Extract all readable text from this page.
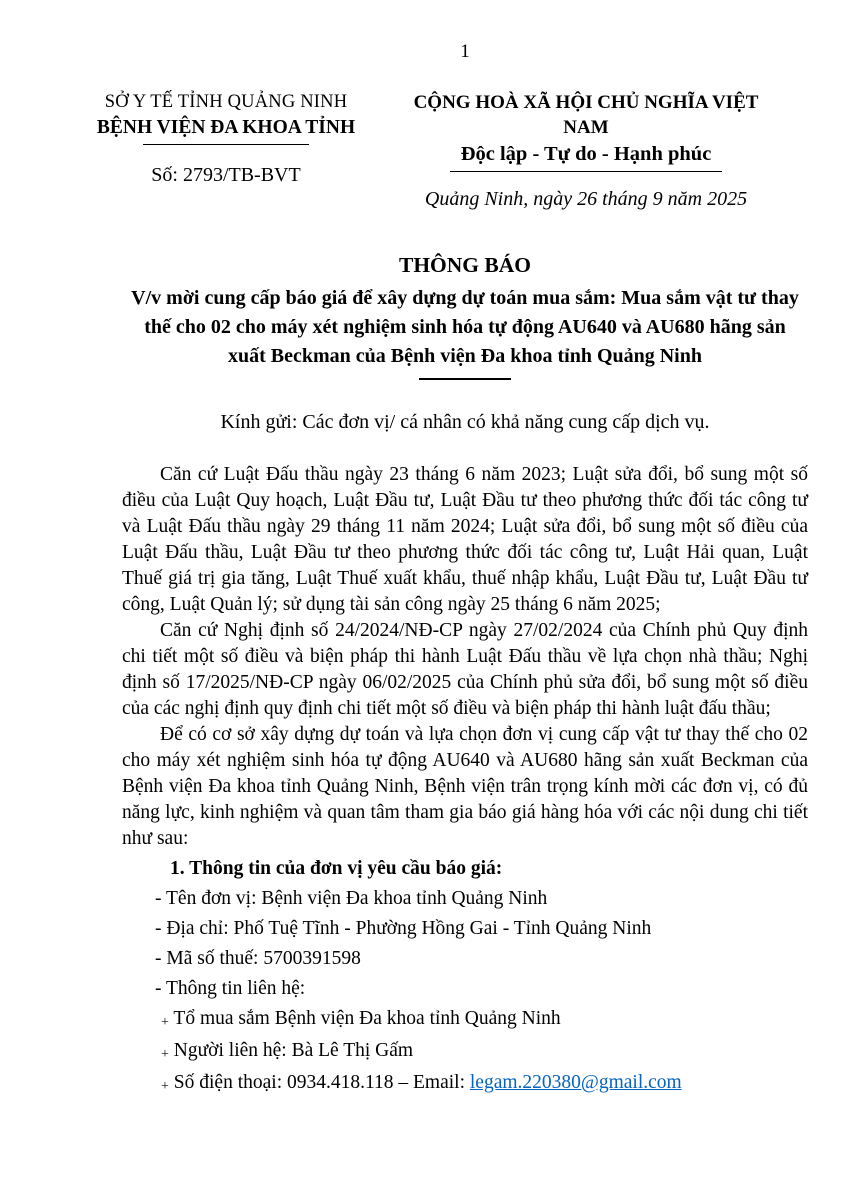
1
SỞ Y TẾ TỈNH QUẢNG NINH
BỆNH VIỆN ĐA KHOA TỈNH
Số: 2793/TB-BVT
CỘNG HOÀ XÃ HỘI CHỦ NGHĨA VIỆT NAM
Độc lập - Tự do - Hạnh phúc
Quảng Ninh, ngày 26 tháng 9 năm 2025
THÔNG BÁO
V/v mời cung cấp báo giá để xây dựng dự toán mua sắm: Mua sắm vật tư thay thế cho 02 cho máy xét nghiệm sinh hóa tự động AU640 và AU680 hãng sản xuất Beckman của Bệnh viện Đa khoa tỉnh Quảng Ninh
Kính gửi: Các đơn vị/ cá nhân có khả năng cung cấp dịch vụ.

Căn cứ Luật Đấu thầu ngày 23 tháng 6 năm 2023; Luật sửa đổi, bổ sung một số điều của Luật Quy hoạch, Luật Đầu tư, Luật Đầu tư theo phương thức đối tác công tư và Luật Đấu thầu ngày 29 tháng 11 năm 2024; Luật sửa đổi, bổ sung một số điều của Luật Đấu thầu, Luật Đầu tư theo phương thức đối tác công tư, Luật Hải quan, Luật Thuế giá trị gia tăng, Luật Thuế xuất khẩu, thuế nhập khẩu, Luật Đầu tư, Luật Đầu tư công, Luật Quản lý; sử dụng tài sản công ngày 25 tháng 6 năm 2025;

Căn cứ Nghị định số 24/2024/NĐ-CP ngày 27/02/2024 của Chính phủ Quy định chi tiết một số điều và biện pháp thi hành Luật Đấu thầu về lựa chọn nhà thầu; Nghị định số 17/2025/NĐ-CP ngày 06/02/2025 của Chính phủ sửa đổi, bổ sung một số điều của các nghị định quy định chi tiết một số điều và biện pháp thi hành luật đấu thầu;

Để có cơ sở xây dựng dự toán và lựa chọn đơn vị cung cấp vật tư thay thế cho 02 cho máy xét nghiệm sinh hóa tự động AU640 và AU680 hãng sản xuất Beckman của Bệnh viện Đa khoa tỉnh Quảng Ninh, Bệnh viện trân trọng kính mời các đơn vị, có đủ năng lực, kinh nghiệm và quan tâm tham gia báo giá hàng hóa với các nội dung chi tiết như sau:

1. Thông tin của đơn vị yêu cầu báo giá:
- Tên đơn vị: Bệnh viện Đa khoa tỉnh Quảng Ninh
- Địa chỉ: Phố Tuệ Tĩnh - Phường Hồng Gai - Tỉnh Quảng Ninh
- Mã số thuế: 5700391598
- Thông tin liên hệ:
+ Tổ mua sắm Bệnh viện Đa khoa tỉnh Quảng Ninh
+ Người liên hệ: Bà Lê Thị Gấm
+ Số điện thoại: 0934.418.118 – Email: legam.220380@gmail.com
